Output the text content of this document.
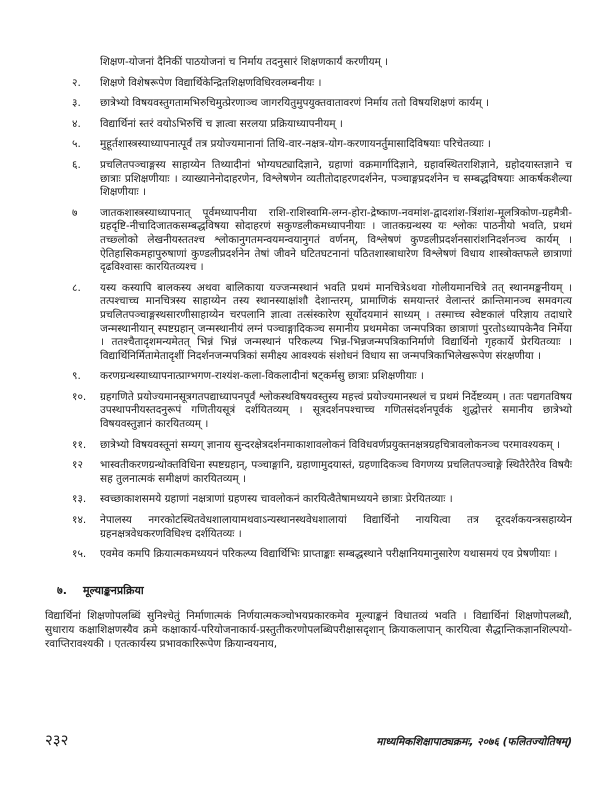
शिक्षण-योजनां दैनिकीं पाठयोजनां च निर्माय तदनुसारं शिक्षणकार्यं करणीयम् ।

२.	शिक्षणे विशेषरूपेण विद्यार्थिकेन्द्रितशिक्षणविधिरवलम्बनीयः ।
३.	छात्रेभ्यो विषयवस्तुगतामभिरुचिमुत्प्रेरणाञ्च जागरयितुमुपयुक्तवातावरणं निर्माय ततो विषयशिक्षणं कार्यम् ।
४.	विद्यार्थिनां स्तरं वयोऽभिरुचिं च ज्ञात्वा सरलया प्रक्रियाध्यापनीयम् ।
५.	मुहूर्तशास्त्रस्याध्यापनात्पूर्वं तत्र प्रयोज्यमानानां तिथि-वार-नक्षत्र-योग-करणायनर्तुमासादिविषयाः परिचेतव्याः ।
६.	प्रचलितपञ्चाङ्गस्य साहाय्येन तिथ्यादीनां भोग्यघट्यादिज्ञाने, ग्रहाणां वक्रमार्गादिज्ञाने, ग्रहावस्थितराशिज्ञाने, ग्रहोदयास्तज्ञाने च छात्राः प्रशिक्षणीयाः । व्याख्यानेनोदाहरणेन, विश्लेषणेन व्यतीतोदाहरणदर्शनेन, पञ्चाङ्गप्रदर्शनेन च सम्बद्धविषयाः आकर्षकशैल्या शिक्षणीयाः ।
७	जातकशास्त्रस्याध्यापनात् पूर्वमध्यापनीया राशि-राशिस्वामि-लग्न-होरा-द्रेष्काण-नवमांश-द्वादशांश-त्रिंशांश-मूलत्रिकोण-ग्रहमैत्री-ग्रहदृष्टि-नीचादिजातकसम्बद्धविषया सोदाहरणं सकुण्डलीकमध्यापनीयाः । जातकग्रन्थस्य यः श्लोकः पाठनीयो भवति, प्रथमं तच्छ्लोको लेखनीयस्ततश्च श्लोकानुगतमन्वयमन्वयानुगतं वर्णनम्, विश्लेषणं कुण्डलीप्रदर्शनसारांशनिदर्शनञ्च कार्यम् । ऐतिहासिकमहापुरुषाणां कुण्डलीप्रदर्शनेन तेषां जीवने घटितघटनानां पठितशास्त्राधारेण विश्लेषणं विधाय शास्त्रोक्तफले छात्राणां दृढविश्वासः कारयितव्यश्च ।
८.	यस्य कस्यापि बालकस्य अथवा बालिकाया यज्जन्मस्थानं भवति प्रथमं मानचित्रेऽथवा गोलीयमानचित्रे तत् स्थानमङ्कनीयम् । तत्पश्चाच्च मानचित्रस्य साहाय्येन तस्य स्थानस्याक्षांशौ देशान्तरम्, प्रामाणिकं समयान्तरं वेलान्तरं क्रान्तिमानञ्च समवगत्य प्रचलितपञ्चाङ्गस्थसारणीसाहाय्येन चरपलानि ज्ञात्वा तत्संस्कारेण सूर्योदयमानं साध्यम् । तस्माच्च स्वेष्टकालं परिज्ञाय तदाधारे जन्मस्थानीयान् स्पष्टग्रहान् जन्मस्थानीयं लग्नं पञ्चाङ्गादिकञ्च समानीय प्रथममेका जन्मपत्रिका छात्राणां पुरतोऽध्यापकेनैव निर्मेया । ततश्चैतादृशमन्यमेतत् भिन्नं भिन्नं जन्मस्थानं परिकल्प्य भिन्न-भिन्नजन्मपत्रिकानिर्माणे विद्यार्थिनो गृहकार्ये प्रेरयितव्याः । विद्यार्थिनिर्मितामेतादृशीं निदर्शनजन्मपत्रिकां समीक्ष्य आवश्यकं संशोधनं विधाय सा जन्मपत्रिकाभिलेखरूपेण संरक्षणीया ।
९.	करणग्रन्थस्याध्यापनात्प्राग्भगण-राश्यंश-कला-विकलादीनां षट्कर्मसु छात्राः प्रशिक्षणीयाः ।
१०.	ग्रहगणिते प्रयोज्यमानसूत्रगतपद्याध्यापनपूर्वं श्लोकस्थविषयवस्तुस्य महत्त्वं प्रयोज्यमानस्थलं च प्रथमं निर्देष्टव्यम् । ततः पद्यगतविषय उपस्थापनीयस्तदनुरूपं गणितीयसूत्रं दर्शयितव्यम् । सूत्रदर्शनपश्चाच्च गणितसंदर्शनपूर्वकं शुद्धोत्तरं समानीय छात्रेभ्यो विषयवस्तुज्ञानं कारयितव्यम् ।
११.	छात्रेभ्यो विषयवस्तूनां सम्यग् ज्ञानाय सुन्दरक्षेत्रदर्शनमाकाशावलोकनं विविधवर्णप्रयुक्तनक्षत्रग्रहचित्रावलोकनञ्च परमावश्यकम् ।
१२	भास्वतीकरणग्रन्थोक्तविधिना स्पष्टग्रहान्, पञ्चाङ्गानि, ग्रहाणामुदयास्तं, ग्रहणादिकञ्च विगणय्य प्रचलितपञ्चाङ्गे स्थितैरेतैरेव विषयैः सह तुलनात्मकं समीक्षणं कारयितव्यम् ।
१३.	स्वच्छाकाशसमये ग्रहाणां नक्षत्राणां ग्रहणस्य चावलोकनं कारयित्वैतेषामध्ययने छात्राः प्रेरयितव्याः ।
१४.	नेपालस्य नगरकोटस्थितवेधशालायामथवाऽन्यस्थानस्थवेधशालायां विद्यार्थिनो नाययित्वा तत्र दूरदर्शकयन्त्रसहाय्येन ग्रहनक्षत्रवेधकरणविधिश्च दर्शयितव्यः ।
१५.	एवमेव कमपि क्रियात्मकमध्ययनं परिकल्प्य विद्यार्थिभिः प्राप्ताङ्काः सम्बद्धस्थाने परीक्षानियमानुसारेण यथासमयं एव प्रेषणीयाः ।
७.	मूल्याङ्कनप्रक्रिया

विद्यार्थिनां शिक्षणोपलब्धिं सुनिश्चेतुं निर्माणात्मकं निर्णयात्मकञ्चोभयप्रकारकमेव मूल्याङ्कनं विधातव्यं भवति । विद्यार्थिनां शिक्षणोपलब्धौ, सुधाराय कक्षाशिक्षणस्यैव क्रमे कक्षाकार्य-परियोजनाकार्य-प्रस्तुतीकरणोपलब्धिपरीक्षासदृशान् क्रियाकलापान् कारयित्वा सैद्धान्तिकज्ञानशिल्पयो-रवाप्तिरावश्यकी । एतत्कार्यस्य प्रभावकारिरूपेण क्रियान्वयनाय,

२३२	माध्यमिकशिक्षापाठ्यक्रमः, २०७६ (फलितज्योतिषम्)
